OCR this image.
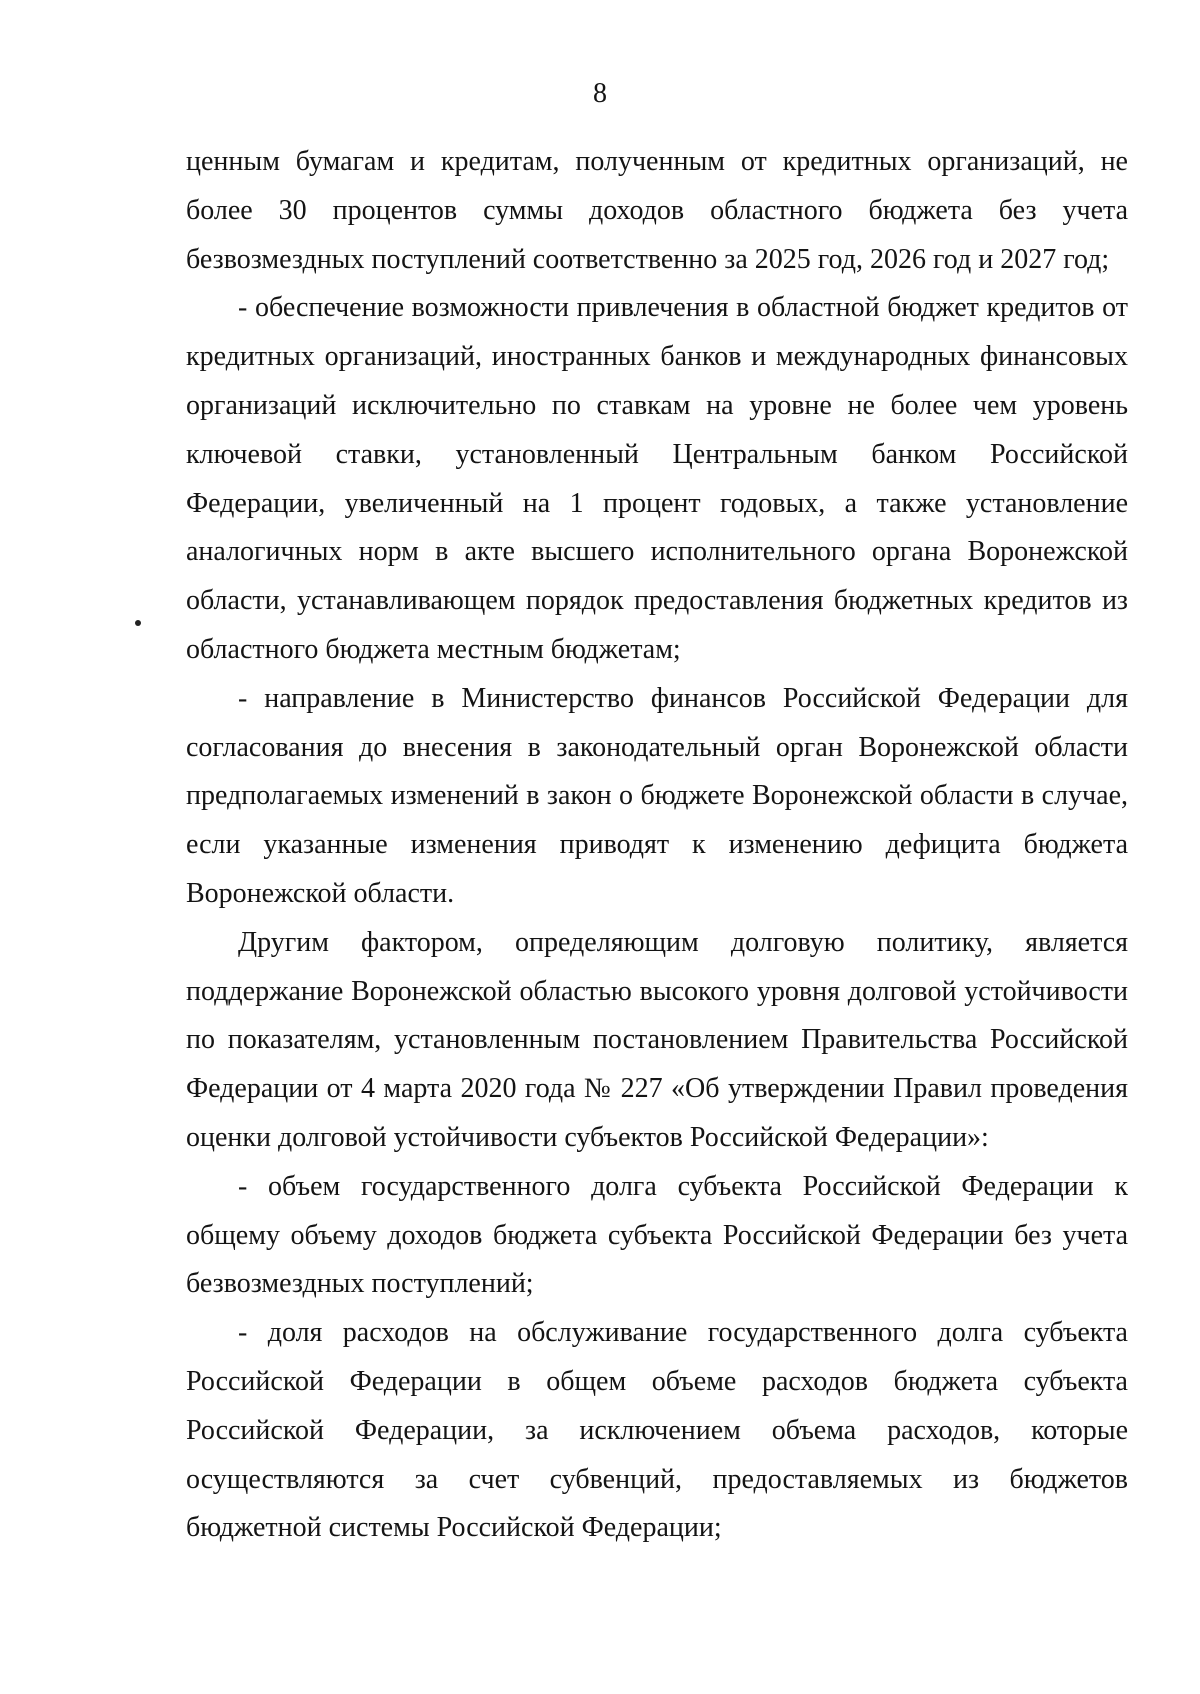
8

ценным бумагам и кредитам, полученным от кредитных организаций, не более 30 процентов суммы доходов областного бюджета без учета безвозмездных поступлений соответственно за 2025 год, 2026 год и 2027 год;

- обеспечение возможности привлечения в областной бюджет кредитов от кредитных организаций, иностранных банков и международных финансовых организаций исключительно по ставкам на уровне не более чем уровень ключевой ставки, установленный Центральным банком Российской Федерации, увеличенный на 1 процент годовых, а также установление аналогичных норм в акте высшего исполнительного органа Воронежской области, устанавливающем порядок предоставления бюджетных кредитов из областного бюджета местным бюджетам;

- направление в Министерство финансов Российской Федерации для согласования до внесения в законодательный орган Воронежской области предполагаемых изменений в закон о бюджете Воронежской области в случае, если указанные изменения приводят к изменению дефицита бюджета Воронежской области.

Другим фактором, определяющим долговую политику, является поддержание Воронежской областью высокого уровня долговой устойчивости по показателям, установленным постановлением Правительства Российской Федерации от 4 марта 2020 года № 227 «Об утверждении Правил проведения оценки долговой устойчивости субъектов Российской Федерации»:

- объем государственного долга субъекта Российской Федерации к общему объему доходов бюджета субъекта Российской Федерации без учета безвозмездных поступлений;

- доля расходов на обслуживание государственного долга субъекта Российской Федерации в общем объеме расходов бюджета субъекта Российской Федерации, за исключением объема расходов, которые осуществляются за счет субвенций, предоставляемых из бюджетов бюджетной системы Российской Федерации;
